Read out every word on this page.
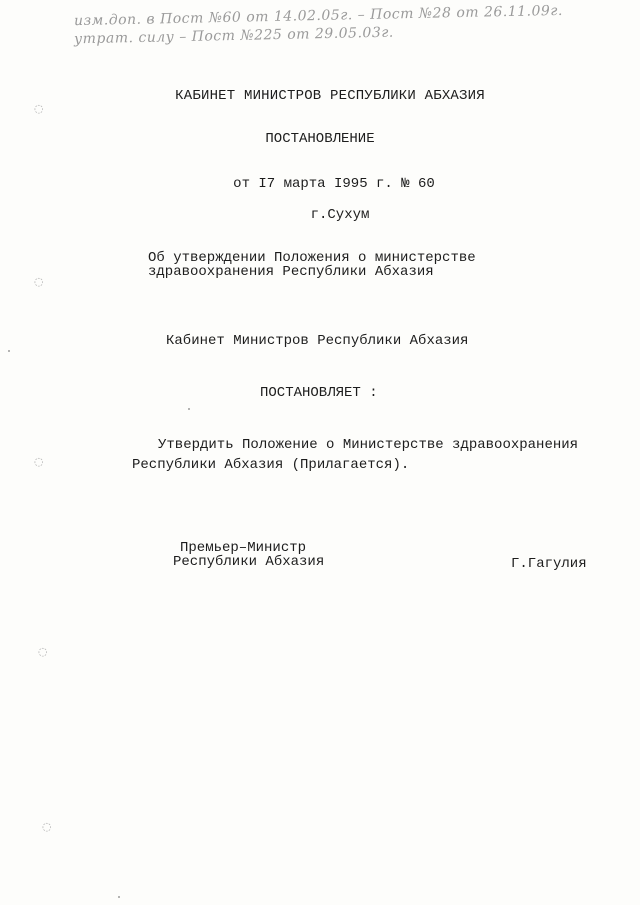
изм.доп. в Пост №60 от 14.02.05г. – Пост №28 от 26.11.09г.
утрат. силу – Пост №225 от 29.05.03г.
КАБИНЕТ МИНИСТРОВ РЕСПУБЛИКИ АБХАЗИЯ
ПОСТАНОВЛЕНИЕ
от I7 марта I995 г. № 60
г.Сухум
Об утверждении Положения о министерстве
здравоохранения Республики Абхазия
Кабинет Министров Республики Абхазия
ПОСТАНОВЛЯЕТ :
Утвердить Положение о Министерстве здравоохранения
Республики Абхазия (Прилагается).
Премьер–Министр
Республики Абхазия	Г.Гагулия
◌
◌
◌
◌
◌
